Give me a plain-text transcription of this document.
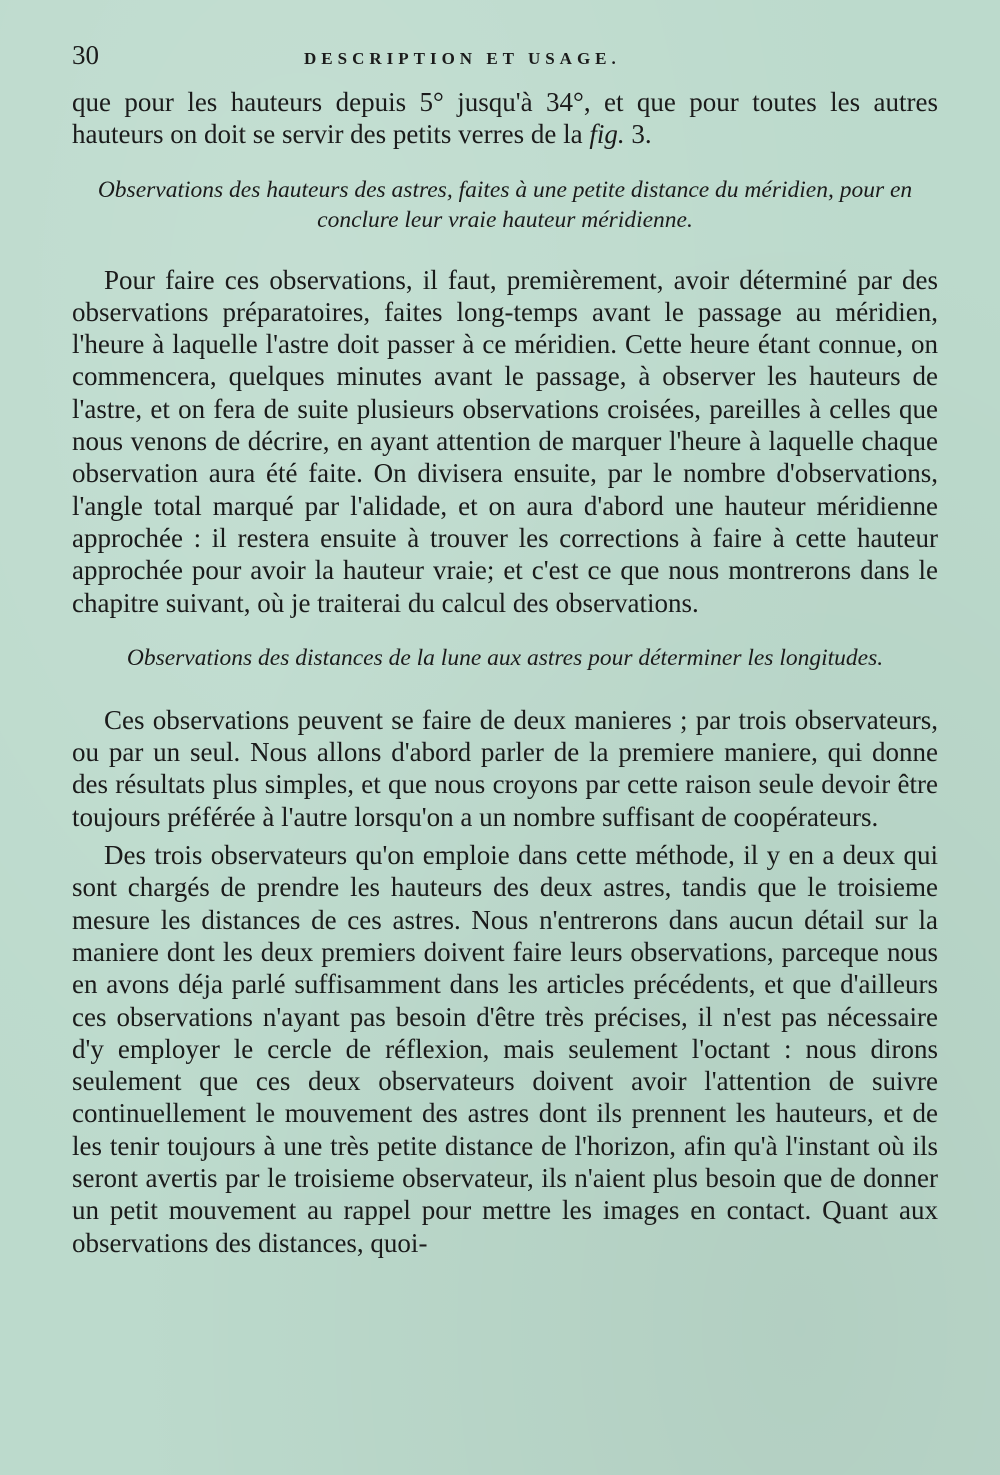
30	DESCRIPTION ET USAGE.

que pour les hauteurs depuis 5° jusqu'à 34°, et que pour toutes les autres hauteurs on doit se servir des petits verres de la fig. 3.

Observations des hauteurs des astres, faites à une petite distance du méridien, pour en conclure leur vraie hauteur méridienne.

Pour faire ces observations, il faut, premièrement, avoir déterminé par des observations préparatoires, faites long-temps avant le passage au méridien, l'heure à laquelle l'astre doit passer à ce méridien. Cette heure étant connue, on commencera, quelques minutes avant le passage, à observer les hauteurs de l'astre, et on fera de suite plusieurs observations croisées, pareilles à celles que nous venons de décrire, en ayant attention de marquer l'heure à laquelle chaque observation aura été faite. On divisera ensuite, par le nombre d'observations, l'angle total marqué par l'alidade, et on aura d'abord une hauteur méridienne approchée : il restera ensuite à trouver les corrections à faire à cette hauteur approchée pour avoir la hauteur vraie; et c'est ce que nous montrerons dans le chapitre suivant, où je traiterai du calcul des observations.

Observations des distances de la lune aux astres pour déterminer les longitudes.

Ces observations peuvent se faire de deux manieres ; par trois observateurs, ou par un seul. Nous allons d'abord parler de la premiere maniere, qui donne des résultats plus simples, et que nous croyons par cette raison seule devoir être toujours préférée à l'autre lorsqu'on a un nombre suffisant de coopérateurs.

Des trois observateurs qu'on emploie dans cette méthode, il y en a deux qui sont chargés de prendre les hauteurs des deux astres, tandis que le troisieme mesure les distances de ces astres. Nous n'entrerons dans aucun détail sur la maniere dont les deux premiers doivent faire leurs observations, parceque nous en avons déja parlé suffisamment dans les articles précédents, et que d'ailleurs ces observations n'ayant pas besoin d'être très précises, il n'est pas nécessaire d'y employer le cercle de réflexion, mais seulement l'octant : nous dirons seulement que ces deux observateurs doivent avoir l'attention de suivre continuellement le mouvement des astres dont ils prennent les hauteurs, et de les tenir toujours à une très petite distance de l'horizon, afin qu'à l'instant où ils seront avertis par le troisieme observateur, ils n'aient plus besoin que de donner un petit mouvement au rappel pour mettre les images en contact. Quant aux observations des distances, quoi-
